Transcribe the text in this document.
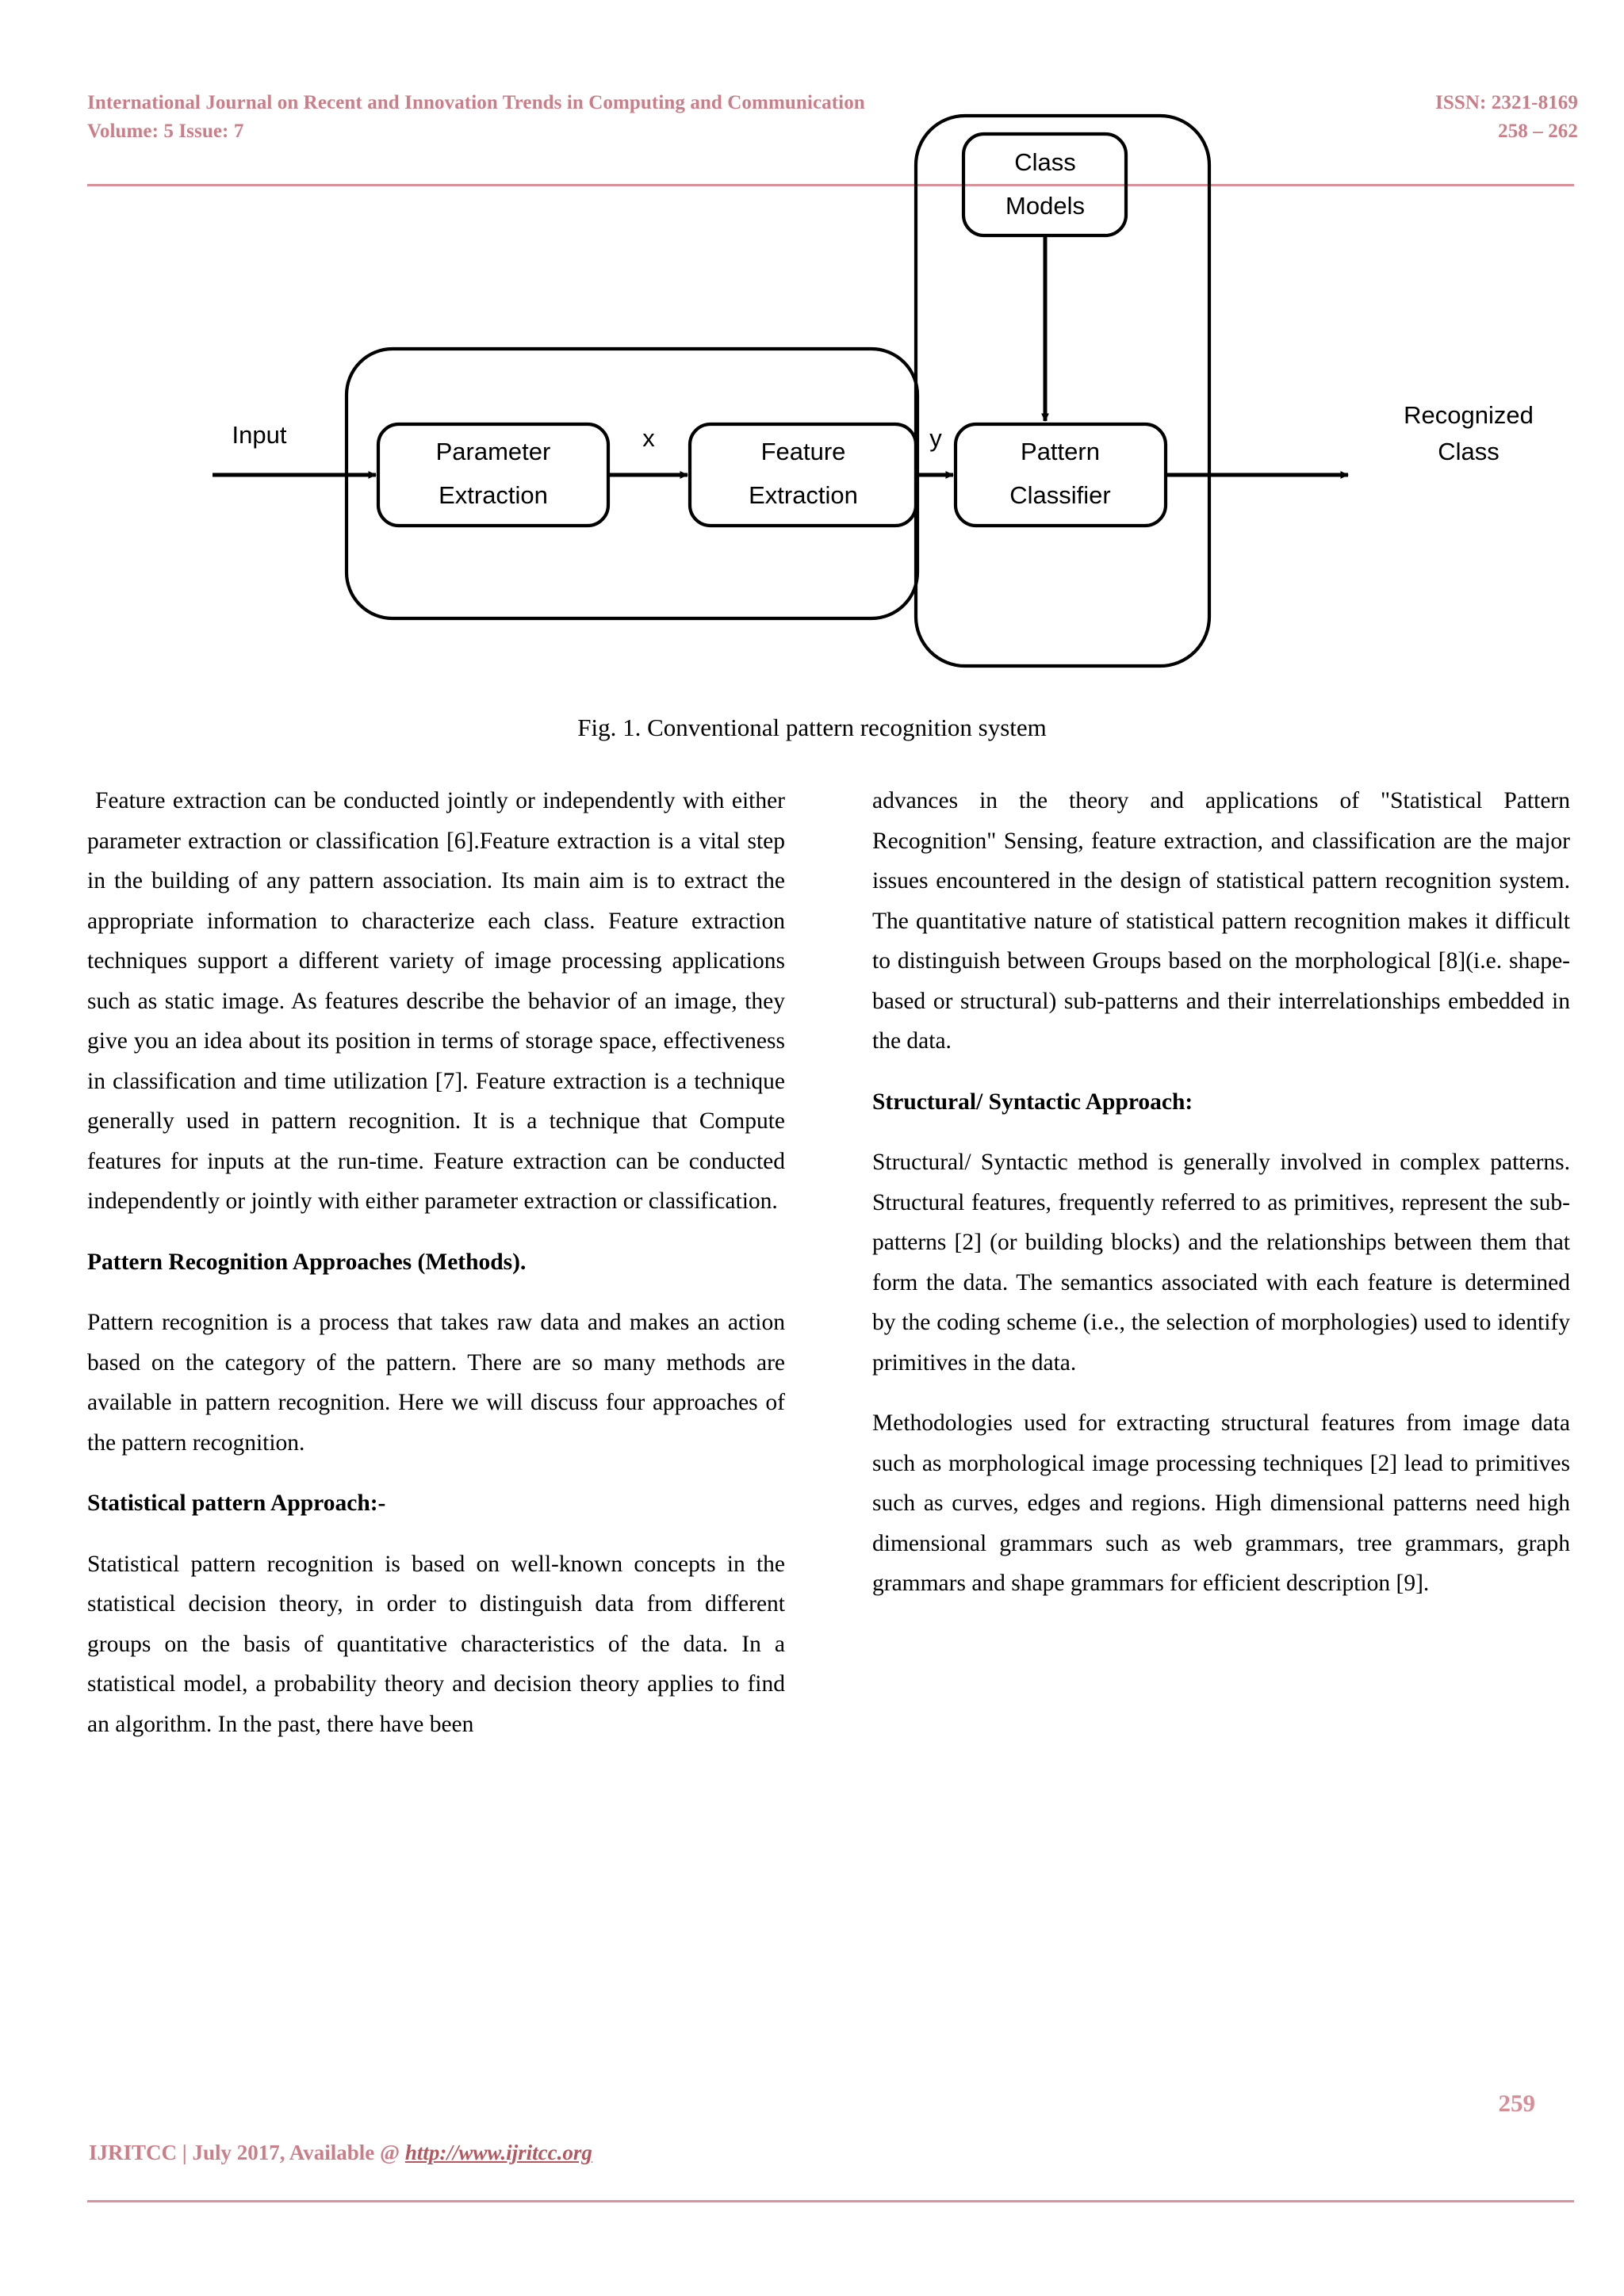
International Journal on Recent and Innovation Trends in Computing and Communication	ISSN: 2321-8169
Volume: 5 Issue: 7	258 – 262
Parameter
Extraction
Feature
Extraction
Class
Models
Pattern
Classifier
Input	x	y
Recognized
Class
Fig. 1. Conventional pattern recognition system

Feature extraction can be conducted jointly or independently with either parameter extraction or classification [6].Feature extraction is a vital step in the building of any pattern association. Its main aim is to extract the appropriate information to characterize each class. Feature extraction techniques support a different variety of image processing applications such as static image. As features describe the behavior of an image, they give you an idea about its position in terms of storage space, effectiveness in classification and time utilization [7]. Feature extraction is a technique generally used in pattern recognition. It is a technique that Compute features for inputs at the run-time. Feature extraction can be conducted independently or jointly with either parameter extraction or classification.

Pattern Recognition Approaches (Methods).

Pattern recognition is a process that takes raw data and makes an action based on the category of the pattern. There are so many methods are available in pattern recognition. Here we will discuss four approaches of the pattern recognition.

Statistical pattern Approach:-

Statistical pattern recognition is based on well-known concepts in the statistical decision theory, in order to distinguish data from different groups on the basis of quantitative characteristics of the data. In a statistical model, a probability theory and decision theory applies to find an algorithm. In the past, there have been

advances in the theory and applications of "Statistical Pattern Recognition" Sensing, feature extraction, and classification are the major issues encountered in the design of statistical pattern recognition system. The quantitative nature of statistical pattern recognition makes it difficult to distinguish between Groups based on the morphological [8](i.e. shape-based or structural) sub-patterns and their interrelationships embedded in the data.

Structural/ Syntactic Approach:

Structural/ Syntactic method is generally involved in complex patterns. Structural features, frequently referred to as primitives, represent the sub-patterns [2] (or building blocks) and the relationships between them that form the data. The semantics associated with each feature is determined by the coding scheme (i.e., the selection of morphologies) used to identify primitives in the data.

Methodologies used for extracting structural features from image data such as morphological image processing techniques [2] lead to primitives such as curves, edges and regions. High dimensional patterns need high dimensional grammars such as web grammars, tree grammars, graph grammars and shape grammars for efficient description [9].

259
IJRITCC | July 2017, Available @ http://www.ijritcc.org
